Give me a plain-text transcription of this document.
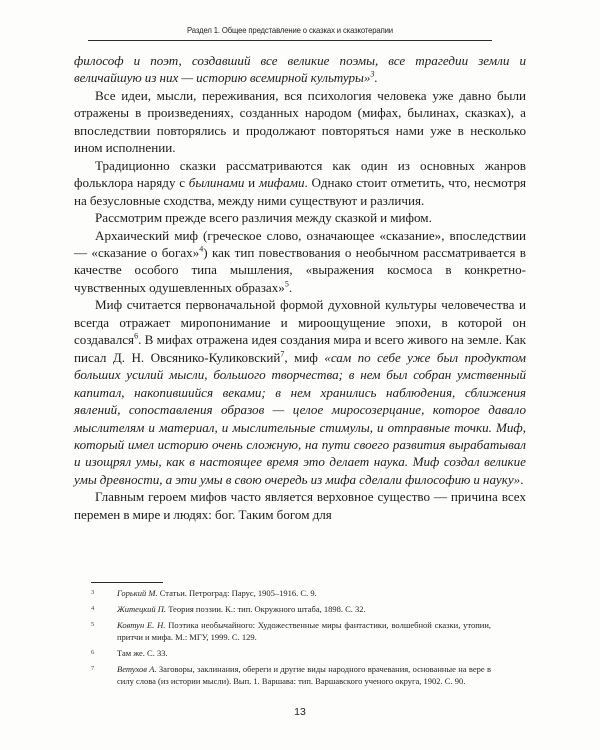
Раздел 1. Общее представление о сказках и сказкотерапии

философ и поэт, создавший все великие поэмы, все трагедии земли и величайшую из них — историю всемирной культуры»$^3$.

Все идеи, мысли, переживания, вся психология человека уже давно были отражены в произведениях, созданных народом (мифах, былинах, сказках), а впоследствии повторялись и продолжают повторяться нами уже в несколько ином исполнении.

Традиционно сказки рассматриваются как один из основных жанров фольклора наряду с былинами и мифами. Однако стоит отметить, что, несмотря на безусловные сходства, между ними существуют и различия.

Рассмотрим прежде всего различия между сказкой и мифом.

Архаический миф (греческое слово, означающее «сказание», впоследствии — «сказание о богах»$^4$) как тип повествования о необычном рассматривается в качестве особого типа мышления, «выражения космоса в конкретно-чувственных одушевленных образах»$^5$.

Миф считается первоначальной формой духовной культуры человечества и всегда отражает миропонимание и мироощущение эпохи, в которой он создавался$^6$. В мифах отражена идея создания мира и всего живого на земле. Как писал Д. Н. Овсянико-Куликовский$^7$, миф «сам по себе уже был продуктом больших усилий мысли, большого творчества; в нем был собран умственный капитал, накопившийся веками; в нем хранились наблюдения, сближения явлений, сопоставления образов — целое миросозерцание, которое давало мыслителям и материал, и мыслительные стимулы, и отправные точки. Миф, который имел историю очень сложную, на пути своего развития вырабатывал и изощрял умы, как в настоящее время это делает наука. Миф создал великие умы древности, а эти умы в свою очередь из мифа сделали философию и науку».

Главным героем мифов часто является верховное существо — причина всех перемен в мире и людях: бог. Таким богом для

3	Горький М. Статьи. Петроград: Парус, 1905–1916. С. 9.
4	Житецкий П. Теория поэзии. К.: тип. Окружного штаба, 1898. С. 32.
5	Ковтун Е. Н. Поэтика необычайного: Художественные миры фантастики, волшебной сказки, утопии, притчи и мифа. М.: МГУ, 1999. С. 129.
6	Там же. С. 33.
7	Ветухов А. Заговоры, заклинания, обереги и другие виды народного врачевания, основанные на вере в силу слова (из истории мысли). Вып. 1. Варшава: тип. Варшавского ученого округа, 1902. С. 90.
13
